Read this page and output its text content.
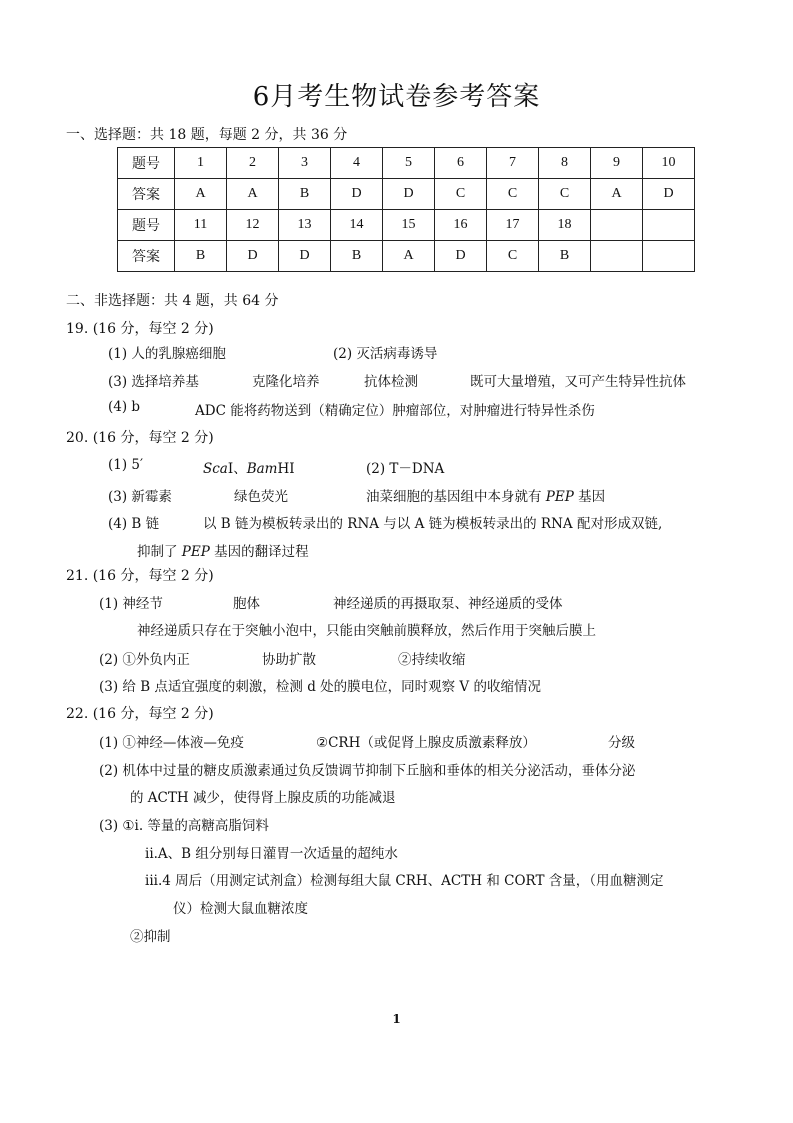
6月考生物试卷参考答案
一、选择题：共 18 题，每题 2 分，共 36 分
题号	1	2	3	4	5	6	7	8	9	10
答案	A	A	B	D	D	C	C	C	A	D
题号	11	12	13	14	15	16	17	18		
答案	B	D	D	B	A	D	C	B		
二、非选择题：共 4 题，共 64 分
19. (16 分，每空 2 分)
(1) 人的乳腺癌细胞	(2) 灭活病毒诱导
(3) 选择培养基	克隆化培养	抗体检测	既可大量增殖，又可产生特异性抗体
(4) b	ADC 能将药物送到（精确定位）肿瘤部位，对肿瘤进行特异性杀伤
20. (16 分，每空 2 分)
(1) 5′	ScaⅠ、BamHⅠ	(2) T－DNA
(3) 新霉素	绿色荧光	油菜细胞的基因组中本身就有 PEP 基因
(4) B 链	以 B 链为模板转录出的 RNA 与以 A 链为模板转录出的 RNA 配对形成双链,
抑制了 PEP 基因的翻译过程
21. (16 分，每空 2 分)
(1) 神经节	胞体	神经递质的再摄取泵、神经递质的受体
神经递质只存在于突触小泡中，只能由突触前膜释放，然后作用于突触后膜上
(2) ①外负内正	协助扩散	②持续收缩
(3) 给 B 点适宜强度的刺激，检测 d 处的膜电位，同时观察 V 的收缩情况
22. (16 分，每空 2 分)
(1) ①神经—体液—免疫	②CRH（或促肾上腺皮质激素释放）	分级
(2) 机体中过量的糖皮质激素通过负反馈调节抑制下丘脑和垂体的相关分泌活动，垂体分泌
的 ACTH 减少，使得肾上腺皮质的功能减退
(3) ①i. 等量的高糖高脂饲料
ii.A、B 组分别每日灌胃一次适量的超纯水
iii.4 周后（用测定试剂盒）检测每组大鼠 CRH、ACTH 和 CORT 含量，（用血糖测定
仪）检测大鼠血糖浓度
②抑制
1
